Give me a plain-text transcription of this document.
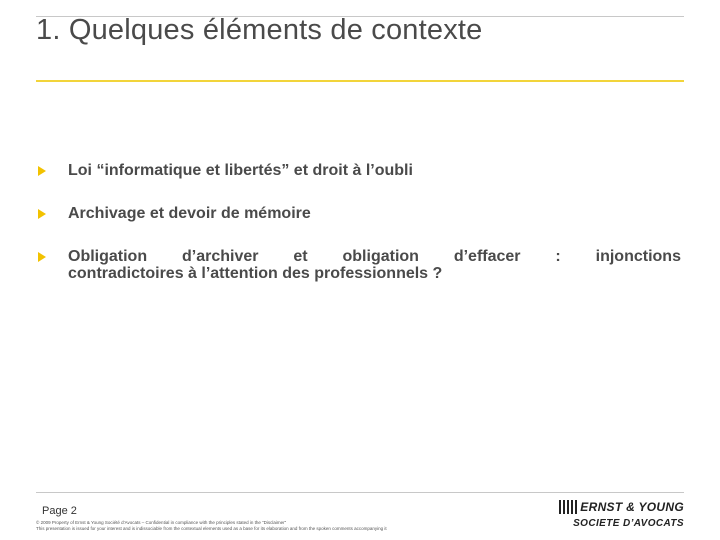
1. Quelques éléments de contexte
Loi “informatique et libertés” et droit à l’oubli
Archivage et devoir de mémoire
Obligation d’archiver et obligation d’effacer : injonctions
contradictoires à l’attention des professionnels ?
Page 2
© 2009 Property of Ernst & Young Société d’Avocats – Confidential in compliance with the principles stated in the “Disclaimer”
This presentation is issued for your interest and is indissociable from the contextual elements used as a base for its elaboration and from the spoken comments accompanying it
ERNST & YOUNG
SOCIETE D’AVOCATS
